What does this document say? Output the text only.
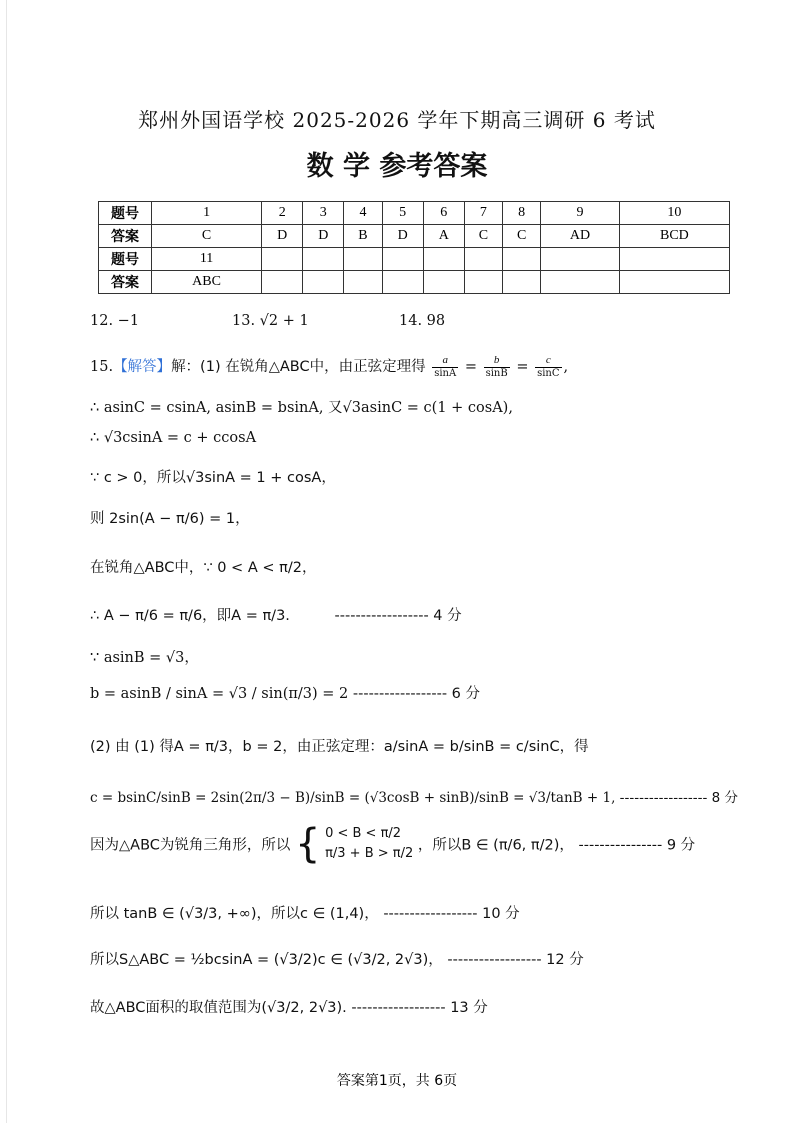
郑州外国语学校 2025-2026 学年下期高三调研 6 考试
数 学 参考答案
题号	1	2	3	4	5	6	7	8	9	10
答案	C	D	D	B	D	A	C	C	AD	BCD
题号	11									
答案	ABC									
12. −1	13. √2 + 1	14. 98
15.【解答】解：(1) 在锐角△ABC中，由正弦定理得 $\frac{a}{\sin A} = \frac{b}{\sin B} = \frac{c}{\sin C}$ ,
∴ asinC = csinA, asinB = bsinA, 又√3asinC = c(1 + cosA),
∴ √3csinA = c + ccosA
∵ c > 0，所以√3sinA = 1 + cosA，
则 2sin(A − π/6) = 1，
在锐角△ABC中，∵ 0 < A < π/2，
∴ A − π/6 = π/6，即A = π/3.	------------------ 4 分
∵ asinB = √3，
b = asinB / sinA = √3 / sin(π/3) = 2 ------------------ 6 分
(2) 由 (1) 得A = π/3，b = 2，由正弦定理：a/sinA = b/sinB = c/sinC，得
c = bsinC/sinB = 2sin(2π/3 − B)/sinB = (√3cosB + sinB)/sinB = √3/tanB + 1, ------------------ 8 分
因为△ABC为锐角三角形，所以 { 0 < B < π/2
π/3 + B > π/2 ，所以B ∈ (π/6, π/2)， ---------------- 9 分
所以 tanB ∈ (√3/3, +∞)，所以c ∈ (1,4)， ------------------ 10 分
所以S△ABC = ½bcsinA = (√3/2)c ∈ (√3/2, 2√3)， ------------------ 12 分
故△ABC面积的取值范围为(√3/2, 2√3). ------------------ 13 分
答案第1页，共 6页
